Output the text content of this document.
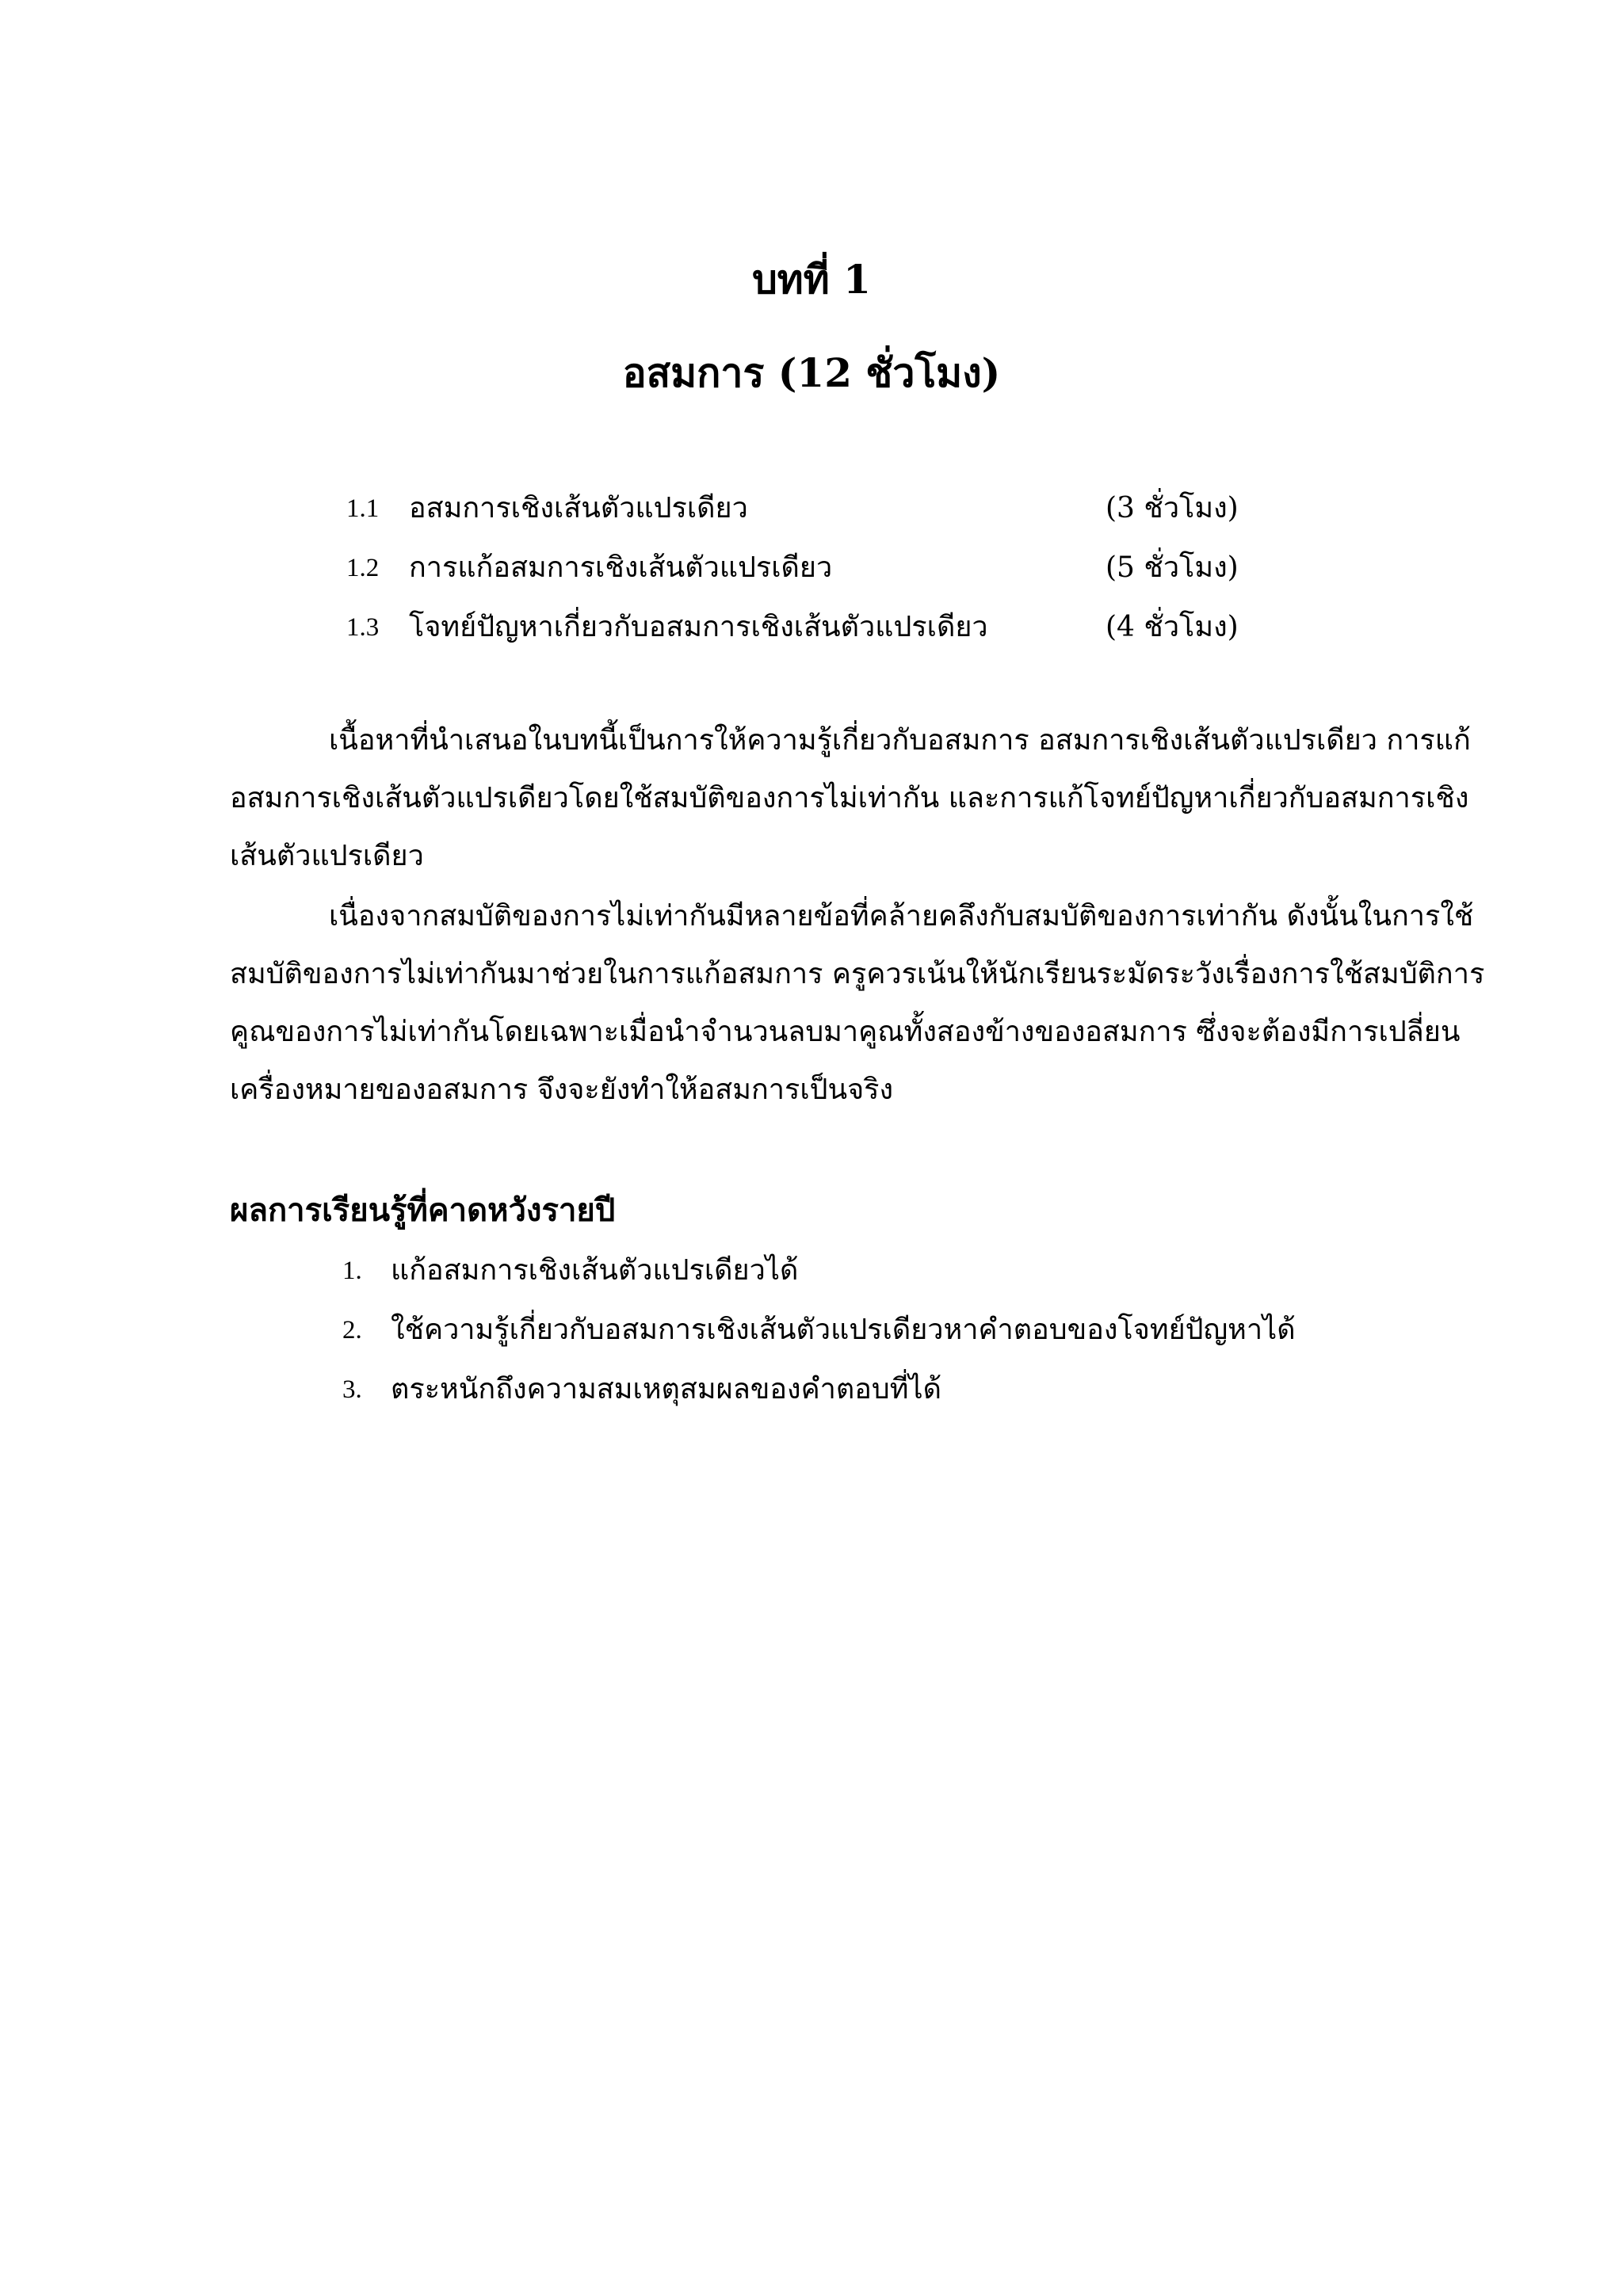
บทที่ 1
อสมการ (12 ชั่วโมง)
1.1 อสมการเชิงเส้นตัวแปรเดียว	(3 ชั่วโมง)
1.2 การแก้อสมการเชิงเส้นตัวแปรเดียว	(5 ชั่วโมง)
1.3 โจทย์ปัญหาเกี่ยวกับอสมการเชิงเส้นตัวแปรเดียว	(4 ชั่วโมง)
เนื้อหาที่นำเสนอในบทนี้เป็นการให้ความรู้เกี่ยวกับอสมการ อสมการเชิงเส้นตัวแปรเดียว การแก้
อสมการเชิงเส้นตัวแปรเดียวโดยใช้สมบัติของการไม่เท่ากัน และการแก้โจทย์ปัญหาเกี่ยวกับอสมการเชิง
เส้นตัวแปรเดียว
เนื่องจากสมบัติของการไม่เท่ากันมีหลายข้อที่คล้ายคลึงกับสมบัติของการเท่ากัน ดังนั้นในการใช้
สมบัติของการไม่เท่ากันมาช่วยในการแก้อสมการ ครูควรเน้นให้นักเรียนระมัดระวังเรื่องการใช้สมบัติการ
คูณของการไม่เท่ากันโดยเฉพาะเมื่อนำจำนวนลบมาคูณทั้งสองข้างของอสมการ ซึ่งจะต้องมีการเปลี่ยน
เครื่องหมายของอสมการ จึงจะยังทำให้อสมการเป็นจริง
ผลการเรียนรู้ที่คาดหวังรายปี
1. แก้อสมการเชิงเส้นตัวแปรเดียวได้
2. ใช้ความรู้เกี่ยวกับอสมการเชิงเส้นตัวแปรเดียวหาคำตอบของโจทย์ปัญหาได้
3. ตระหนักถึงความสมเหตุสมผลของคำตอบที่ได้
